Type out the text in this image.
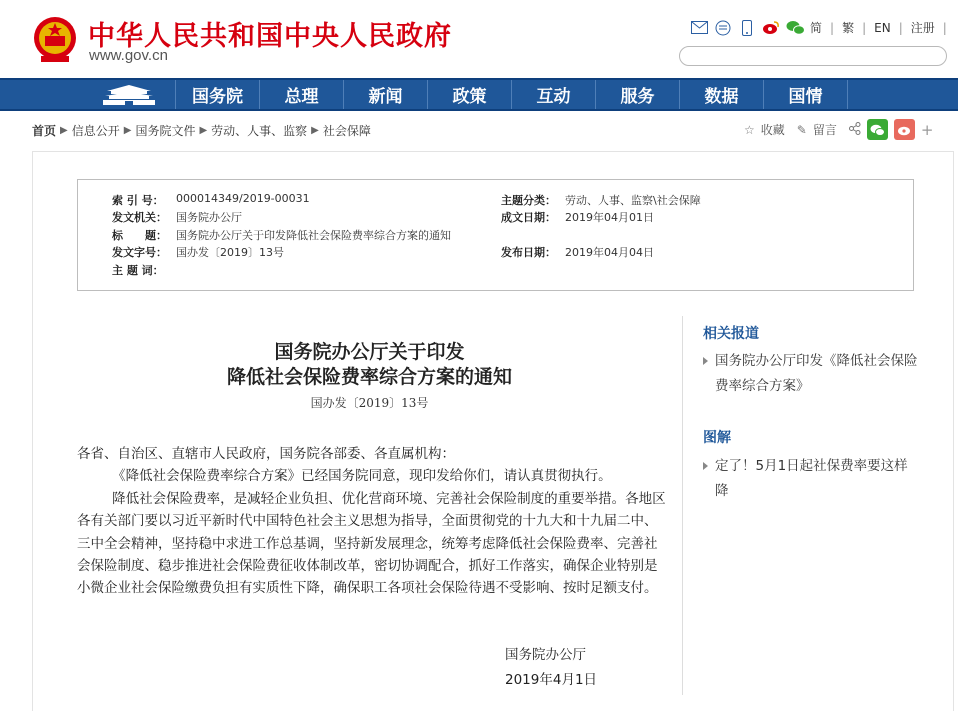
中华人民共和国中央人民政府
www.gov.cn
简 | 繁 | EN | 注册 |
国务院	总理	新闻	政策	互动	服务	数据	国情
首页 ▶ 信息公开 ▶ 国务院文件 ▶ 劳动、人事、监察 ▶ 社会保障	☆ 收藏 ✎ 留言	+
索 引 号：	000014349/2019-00031
发文机关： 国务院办公厅
标　　题： 国务院办公厅关于印发降低社会保险费率综合方案的通知
发文字号： 国办发〔2019〕13号
主 题 词：
主题分类： 劳动、人事、监察\社会保障
成文日期： 2019年04月01日
发布日期： 2019年04月04日
国务院办公厅关于印发
降低社会保险费率综合方案的通知
国办发〔2019〕13号

各省、自治区、直辖市人民政府，国务院各部委、各直属机构：

《降低社会保险费率综合方案》已经国务院同意，现印发给你们，请认真贯彻执行。

降低社会保险费率，是减轻企业负担、优化营商环境、完善社会保险制度的重要举措。各地区各有关部门要以习近平新时代中国特色社会主义思想为指导，全面贯彻党的十九大和十九届二中、三中全会精神，坚持稳中求进工作总基调，坚持新发展理念，统筹考虑降低社会保险费率、完善社会保险制度、稳步推进社会保险费征收体制改革，密切协调配合，抓好工作落实，确保企业特别是小微企业社会保险缴费负担有实质性下降，确保职工各项社会保险待遇不受影响、按时足额支付。

国务院办公厅
2019年4月1日
相关报道
国务院办公厅印发《降低社会保险费率综合方案》
图解
定了！5月1日起社保费率要这样降
